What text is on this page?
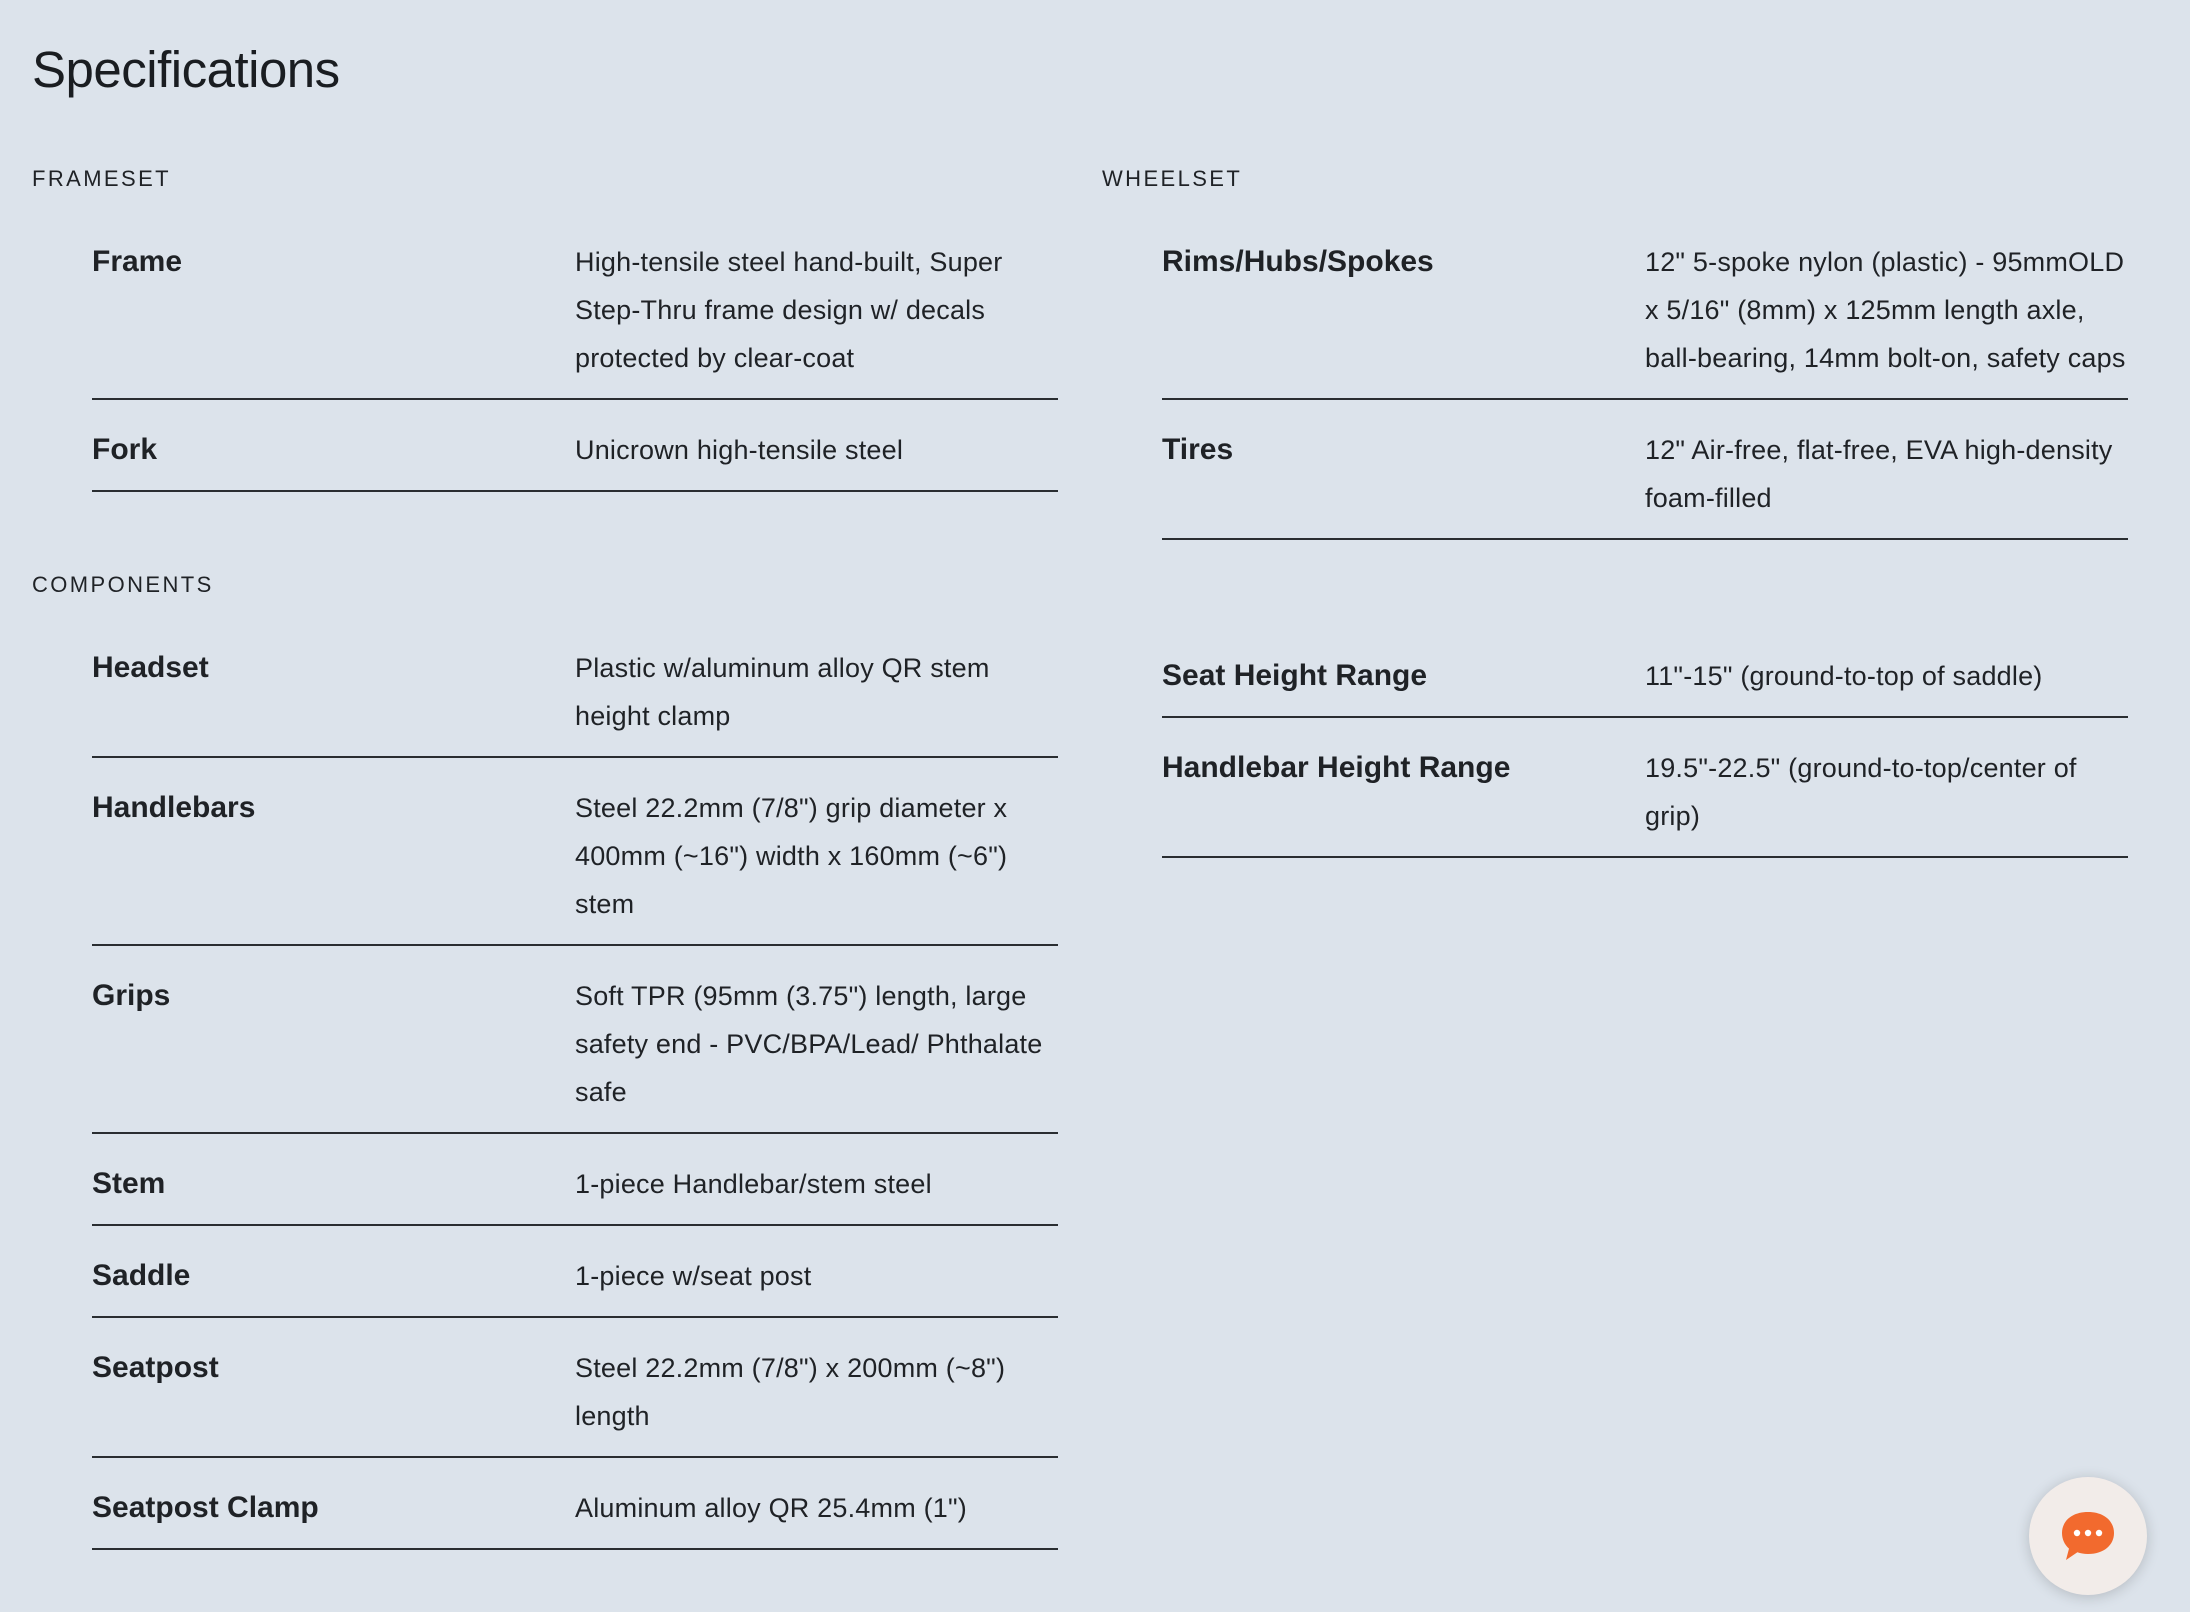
Specifications
FRAMESET
Frame	High-tensile steel hand-built, Super Step-Thru frame design w/ decals protected by clear-coat
Fork	Unicrown high-tensile steel
COMPONENTS
Headset	Plastic w/aluminum alloy QR stem height clamp
Handlebars	Steel 22.2mm (7/8") grip diameter x 400mm (~16") width x 160mm (~6") stem
Grips	Soft TPR (95mm (3.75") length, large safety end - PVC/BPA/Lead/ Phthalate safe
Stem	1-piece Handlebar/stem steel
Saddle	1-piece w/seat post
Seatpost	Steel 22.2mm (7/8") x 200mm (~8") length
Seatpost Clamp	Aluminum alloy QR 25.4mm (1")
WHEELSET
Rims/Hubs/Spokes	12" 5-spoke nylon (plastic) - 95mmOLD x 5/16" (8mm) x 125mm length axle, ball-bearing, 14mm bolt-on, safety caps
Tires	12" Air-free, flat-free, EVA high-density foam-filled
Seat Height Range	11"-15" (ground-to-top of saddle)
Handlebar Height Range	19.5"-22.5" (ground-to-top/center of grip)
